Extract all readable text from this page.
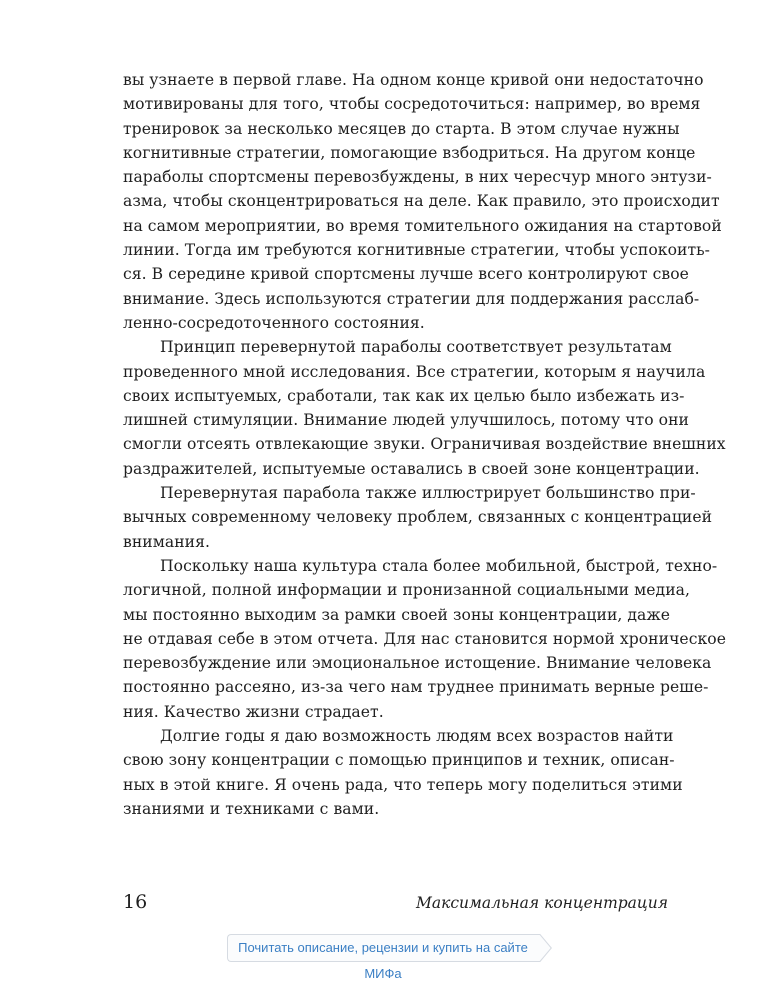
вы узнаете в первой главе. На одном конце кривой они недостаточно
мотивированы для того, чтобы сосредоточиться: например, во время
тренировок за несколько месяцев до старта. В этом случае нужны
когнитивные стратегии, помогающие взбодриться. На другом конце
параболы спортсмены перевозбуждены, в них чересчур много энтузи-
азма, чтобы сконцентрироваться на деле. Как правило, это происходит
на самом мероприятии, во время томительного ожидания на стартовой
линии. Тогда им требуются когнитивные стратегии, чтобы успокоить-
ся. В середине кривой спортсмены лучше всего контролируют свое
внимание. Здесь используются стратегии для поддержания расслаб-
ленно-сосредоточенного состояния.
Принцип перевернутой параболы соответствует результатам
проведенного мной исследования. Все стратегии, которым я научила
своих испытуемых, сработали, так как их целью было избежать из-
лишней стимуляции. Внимание людей улучшилось, потому что они
смогли отсеять отвлекающие звуки. Ограничивая воздействие внешних
раздражителей, испытуемые оставались в своей зоне концентрации.
Перевернутая парабола также иллюстрирует большинство при-
вычных современному человеку проблем, связанных с концентрацией
внимания.
Поскольку наша культура стала более мобильной, быстрой, техно-
логичной, полной информации и пронизанной социальными медиа,
мы постоянно выходим за рамки своей зоны концентрации, даже
не отдавая себе в этом отчета. Для нас становится нормой хроническое
перевозбуждение или эмоциональное истощение. Внимание человека
постоянно рассеяно, из-за чего нам труднее принимать верные реше-
ния. Качество жизни страдает.
Долгие годы я даю возможность людям всех возрастов найти
свою зону концентрации с помощью принципов и техник, описан-
ных в этой книге. Я очень рада, что теперь могу поделиться этими
знаниями и техниками с вами.
16	Максимальная концентрация
Почитать описание, рецензии и купить на сайте МИФа
